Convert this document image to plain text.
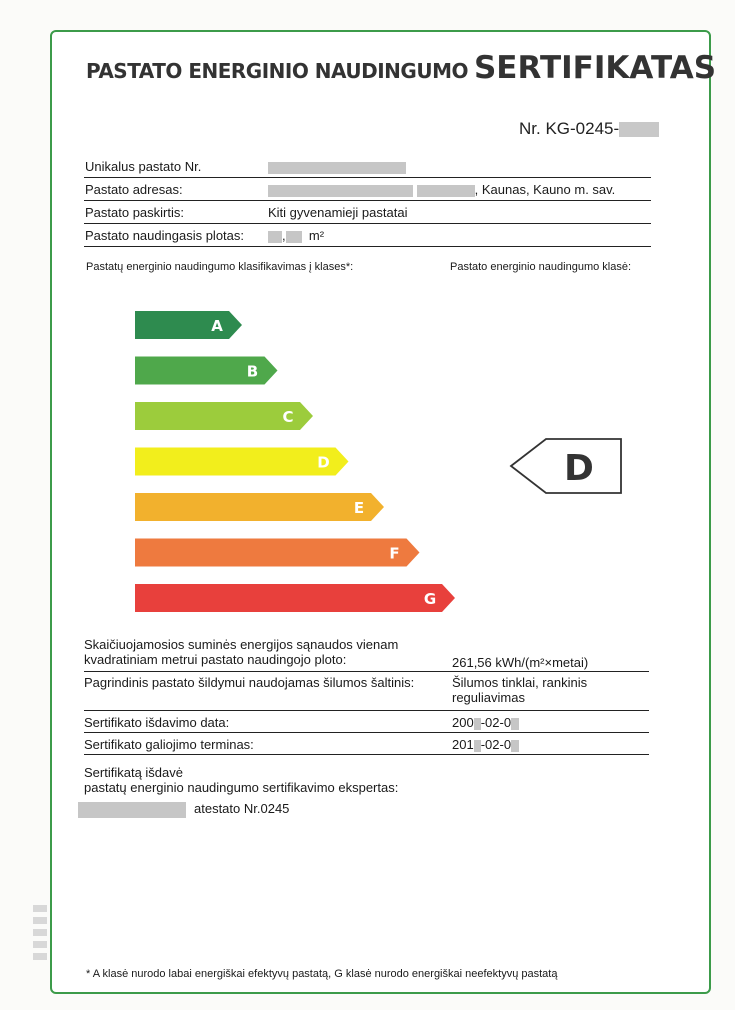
PASTATO ENERGINIO NAUDINGUMO SERTIFIKATAS
Nr. KG-0245-
Unikalus pastato Nr.
Pastato adresas:	, Kaunas, Kauno m. sav.
Pastato paskirtis:	Kiti gyvenamieji pastatai
Pastato naudingasis plotas:	, m²
Pastatų energinio naudingumo klasifikavimas į klases*:	Pastato energinio naudingumo klasė:
A
B
C
D
E
F
G
D
Skaičiuojamosios suminės energijos sąnaudos vienam
kvadratiniam metrui pastato naudingojo ploto:	261,56 kWh/(m²×metai)
Pagrindinis pastato šildymui naudojamas šilumos šaltinis:	Šilumos tinklai, rankinis
reguliavimas
Sertifikato išdavimo data:	200 -02-0
Sertifikato galiojimo terminas:	201 -02-0
Sertifikatą išdavė
pastatų energinio naudingumo sertifikavimo ekspertas:
atestato Nr.0245
* A klasė nurodo labai energiškai efektyvų pastatą, G klasė nurodo energiškai neefektyvų pastatą
